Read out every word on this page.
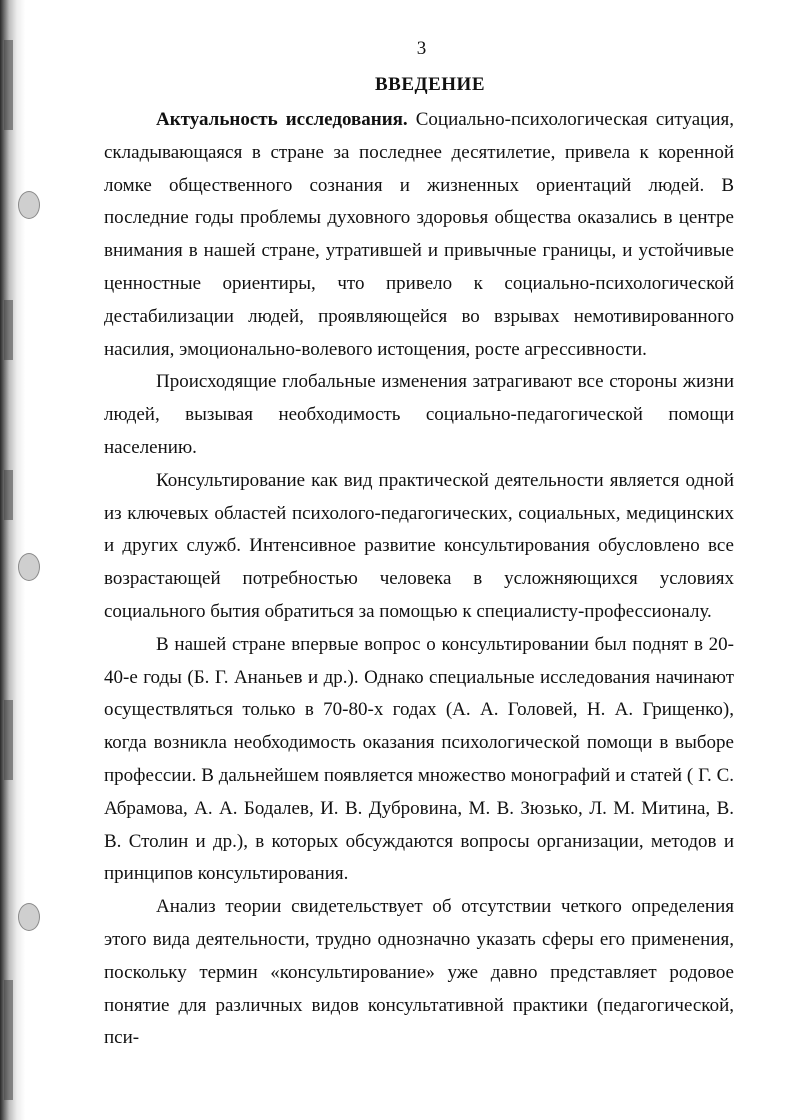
3
ВВЕДЕНИЕ

Актуальность исследования. Социально-психологическая ситуация, складывающаяся в стране за последнее десятилетие, привела к коренной ломке общественного сознания и жизненных ориентаций людей. В последние годы проблемы духовного здоровья общества оказались в центре внимания в нашей стране, утратившей и привычные границы, и устойчивые ценностные ориентиры, что привело к социально-психологической дестабилизации людей, проявляющейся во взрывах немотивированного насилия, эмоционально-волевого истощения, росте агрессивности.

Происходящие глобальные изменения затрагивают все стороны жизни людей, вызывая необходимость социально-педагогической помощи населению.

Консультирование как вид практической деятельности является одной из ключевых областей психолого-педагогических, социальных, медицинских и других служб. Интенсивное развитие консультирования обусловлено все возрастающей потребностью человека в усложняющихся условиях социального бытия обратиться за помощью к специалисту-профессионалу.

В нашей стране впервые вопрос о консультировании был поднят в 20-40-е годы (Б. Г. Ананьев и др.). Однако специальные исследования начинают осуществляться только в 70-80-х годах (А. А. Головей, Н. А. Грищенко), когда возникла необходимость оказания психологической помощи в выборе профессии. В дальнейшем появляется множество монографий и статей ( Г. С. Абрамова, А. А. Бодалев, И. В. Дубровина, М. В. Зюзько, Л. М. Митина, В. В. Столин и др.), в которых обсуждаются вопросы организации, методов и принципов консультирования.

Анализ теории свидетельствует об отсутствии четкого определения этого вида деятельности, трудно однозначно указать сферы его применения, поскольку термин «консультирование» уже давно представляет родовое понятие для различных видов консультативной практики (педагогической, пси-
